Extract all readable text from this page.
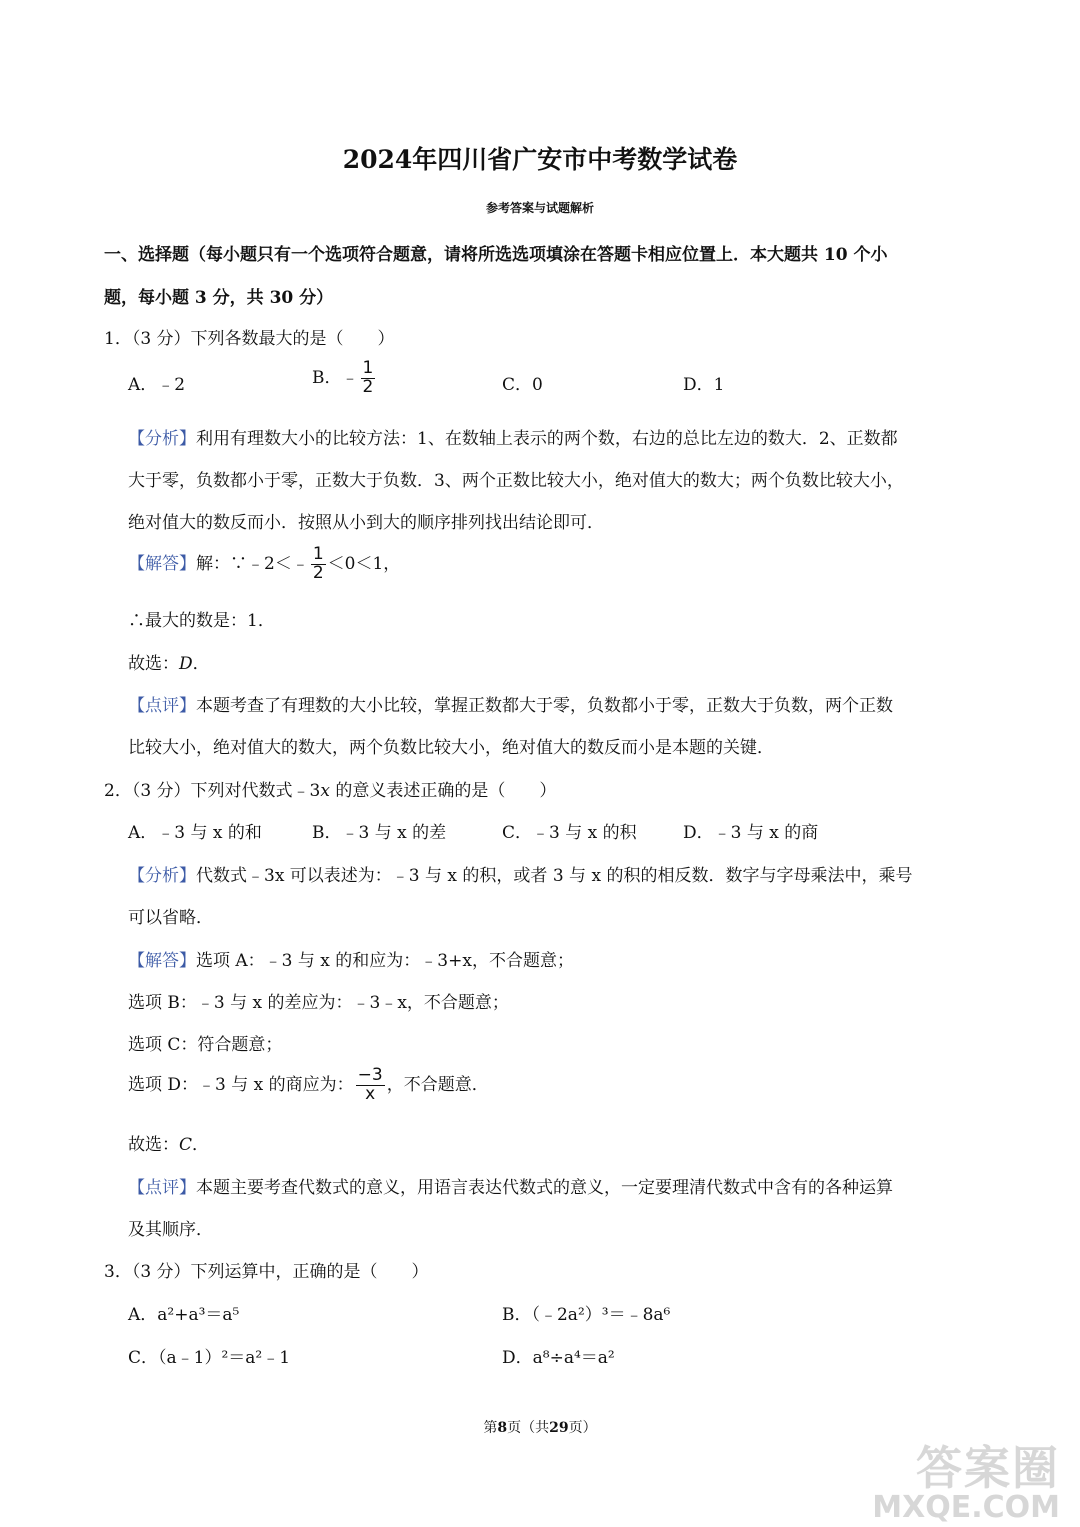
2024年四川省广安市中考数学试卷
参考答案与试题解析
一、选择题（每小题只有一个选项符合题意，请将所选选项填涂在答题卡相应位置上．本大题共 10 个小
题，每小题 3 分，共 30 分）
1．（3 分）下列各数最大的是（　　）
A．﹣2	B．﹣ $\frac{1}{2}$	C．0	D．1
【分析】利用有理数大小的比较方法：1、在数轴上表示的两个数，右边的总比左边的数大．2、正数都
大于零，负数都小于零，正数大于负数．3、两个正数比较大小，绝对值大的数大；两个负数比较大小，
绝对值大的数反而小．按照从小到大的顺序排列找出结论即可．
【解答】解：∵﹣2＜﹣ $\frac{1}{2} <0<1$，
∴最大的数是：1．
故选：D．
【点评】本题考查了有理数的大小比较，掌握正数都大于零，负数都小于零，正数大于负数，两个正数
比较大小，绝对值大的数大，两个负数比较大小，绝对值大的数反而小是本题的关键．
2．（3 分）下列对代数式﹣3x 的意义表述正确的是（　　）
A．﹣3 与 x 的和	B．﹣3 与 x 的差	C．﹣3 与 x 的积	D．﹣3 与 x 的商
【分析】代数式﹣3x 可以表述为：﹣3 与 x 的积，或者 3 与 x 的积的相反数．数字与字母乘法中，乘号
可以省略．
【解答】选项 A：﹣3 与 x 的和应为：﹣3+x，不合题意；
选项 B：﹣3 与 x 的差应为：﹣3﹣x，不合题意；
选项 C：符合题意；
选项 D：﹣3 与 x 的商应为： $\frac{-3}{x}$ ，不合题意．
故选：C．
【点评】本题主要考查代数式的意义，用语言表达代数式的意义，一定要理清代数式中含有的各种运算
及其顺序．
3．（3 分）下列运算中，正确的是（　　）
A．a²+a³＝a⁵	B．（﹣2a²）³＝﹣8a⁶
C．（a﹣1）²＝a²﹣1	D．a⁸÷a⁴＝a²
第8页（共29页）
答案圈
MXQE.COM
